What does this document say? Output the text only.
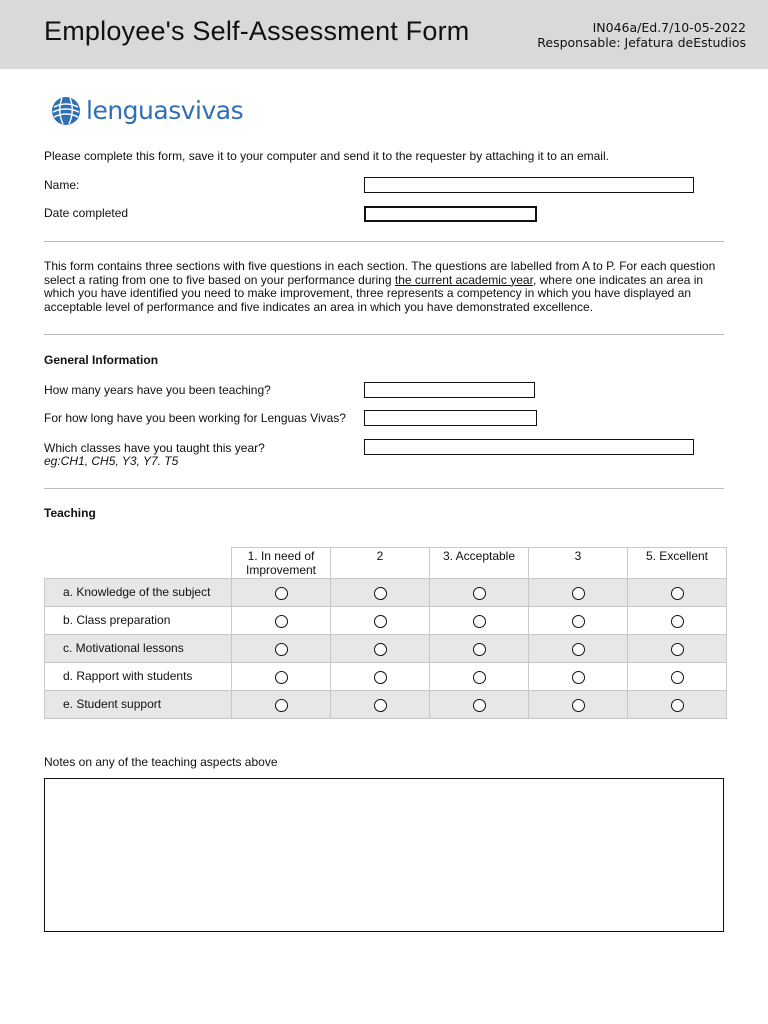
Employee's Self-Assessment Form	IN046a/Ed.7/10-05-2022
Responsable: Jefatura deEstudios
lenguasvivas
Please complete this form, save it to your computer and send it to the requester by attaching it to an email.
Name:
Date completed
This form contains three sections with five questions in each section. The questions are labelled from A to P. For each question select a rating from one to five based on your performance during the current academic year, where one indicates an area in which you have identified you need to make improvement, three represents a competency in which you have displayed an acceptable level of performance and five indicates an area in which you have demonstrated excellence.
General Information
How many years have you been teaching?
For how long have you been working for Lenguas Vivas?
Which classes have you taught this year?
eg:CH1, CH5, Y3, Y7. T5
Teaching
	1. In need of Improvement	2	3. Acceptable	3	5. Excellent
a. Knowledge of the subject					
b. Class preparation					
c. Motivational lessons					
d. Rapport with students					
e. Student support					
Notes on any of the teaching aspects above
